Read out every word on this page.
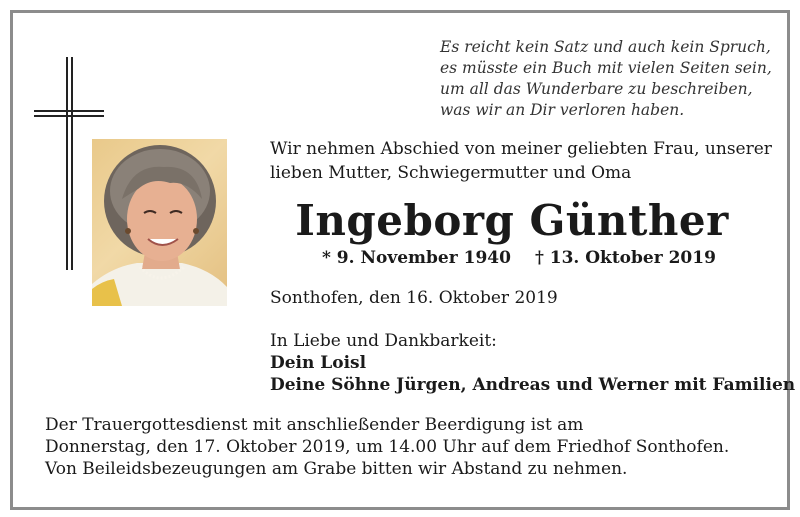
Es reicht kein Satz und auch kein Spruch,
es müsste ein Buch mit vielen Seiten sein,
um all das Wunderbare zu beschreiben,
was wir an Dir verloren haben.
Wir nehmen Abschied von meiner geliebten Frau, unserer
lieben Mutter, Schwiegermutter und Oma
Ingeborg Günther
* 9. November 1940 † 13. Oktober 2019
Sonthofen, den 16. Oktober 2019
In Liebe und Dankbarkeit:
Dein Loisl
Deine Söhne Jürgen, Andreas und Werner mit Familien
Der Trauergottesdienst mit anschließender Beerdigung ist am
Donnerstag, den 17. Oktober 2019, um 14.00 Uhr auf dem Friedhof Sonthofen.
Von Beileidsbezeugungen am Grabe bitten wir Abstand zu nehmen.
